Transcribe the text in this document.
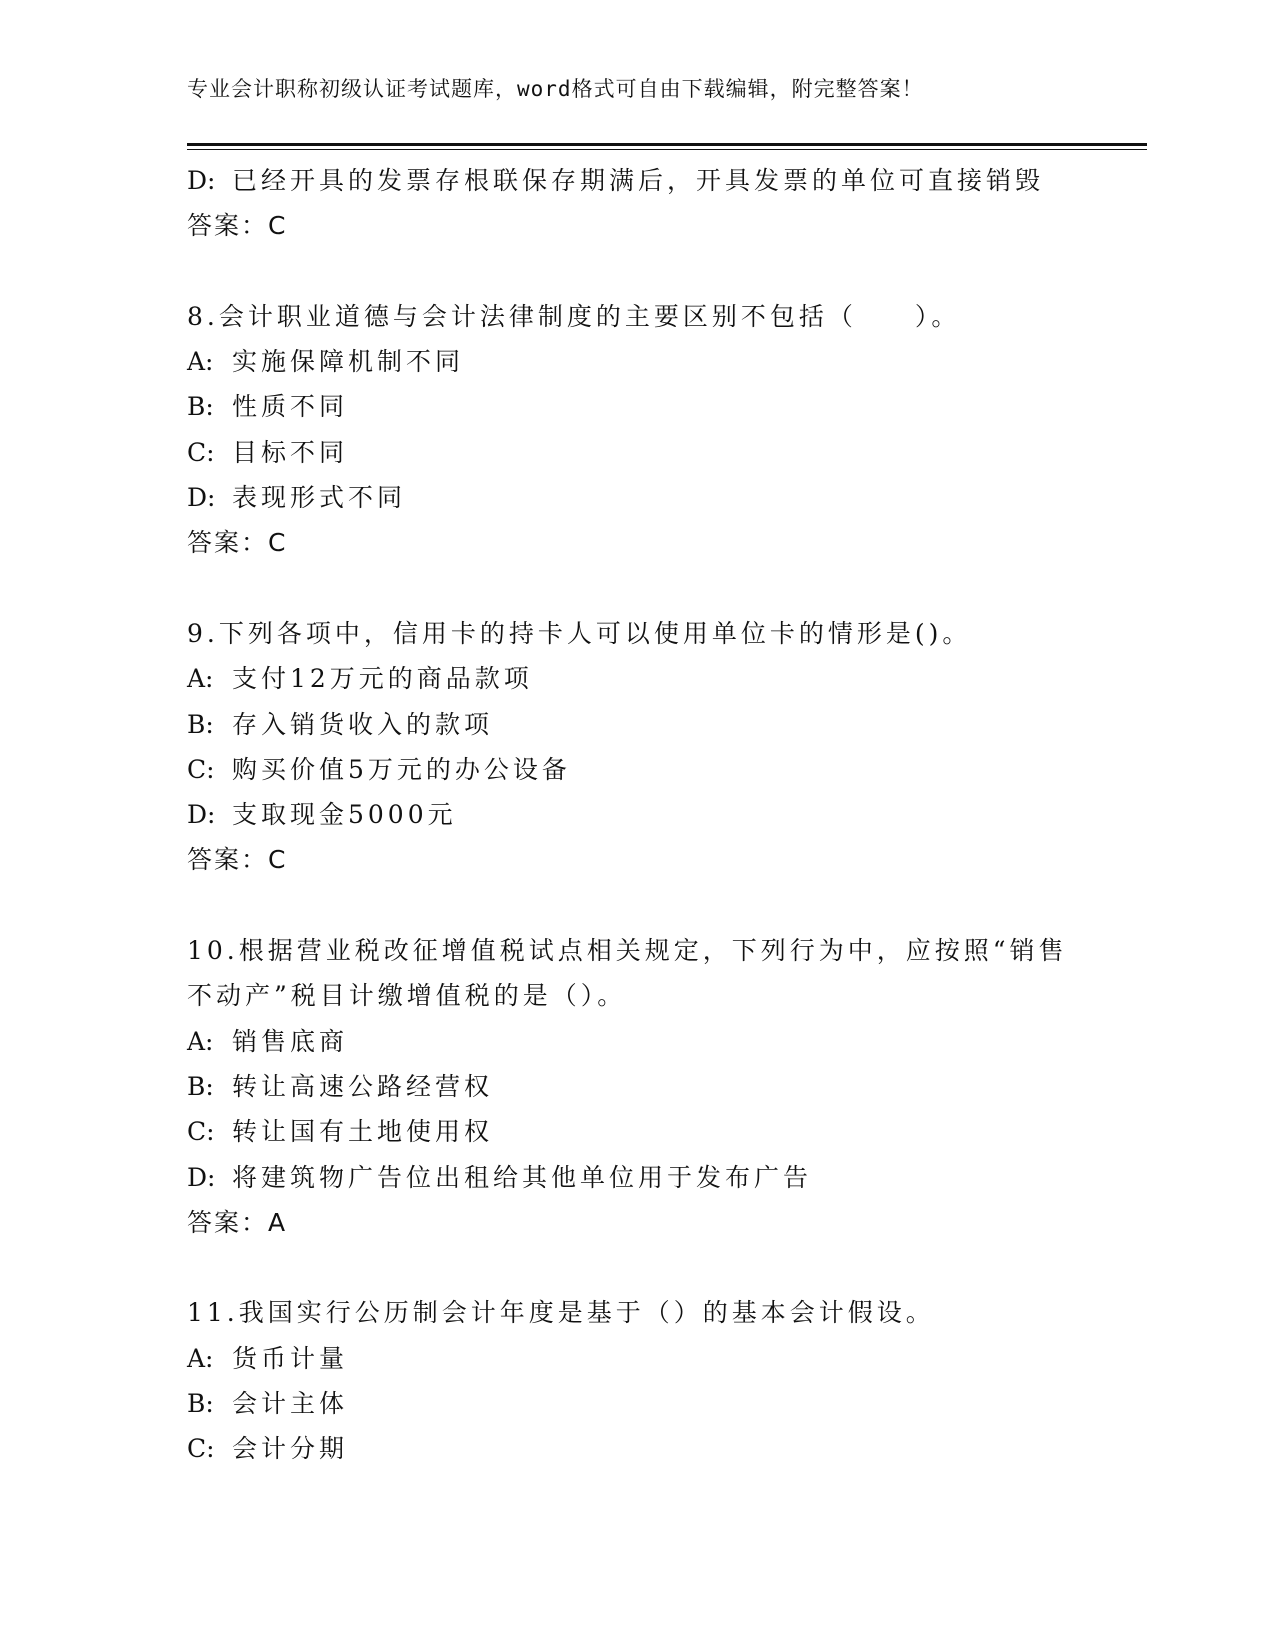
专业会计职称初级认证考试题库，word格式可自由下载编辑，附完整答案！
D: 已经开具的发票存根联保存期满后，开具发票的单位可直接销毁
答案：C
8.会计职业道德与会计法律制度的主要区别不包括（　　）。
A: 实施保障机制不同
B: 性质不同
C: 目标不同
D: 表现形式不同
答案：C
9.下列各项中，信用卡的持卡人可以使用单位卡的情形是()。
A: 支付12万元的商品款项
B: 存入销货收入的款项
C: 购买价值5万元的办公设备
D: 支取现金5000元
答案：C
10.根据营业税改征增值税试点相关规定，下列行为中，应按照“销售
不动产”税目计缴增值税的是（）。
A: 销售底商
B: 转让高速公路经营权
C: 转让国有土地使用权
D: 将建筑物广告位出租给其他单位用于发布广告
答案：A
11.我国实行公历制会计年度是基于（）的基本会计假设。
A: 货币计量
B: 会计主体
C: 会计分期
